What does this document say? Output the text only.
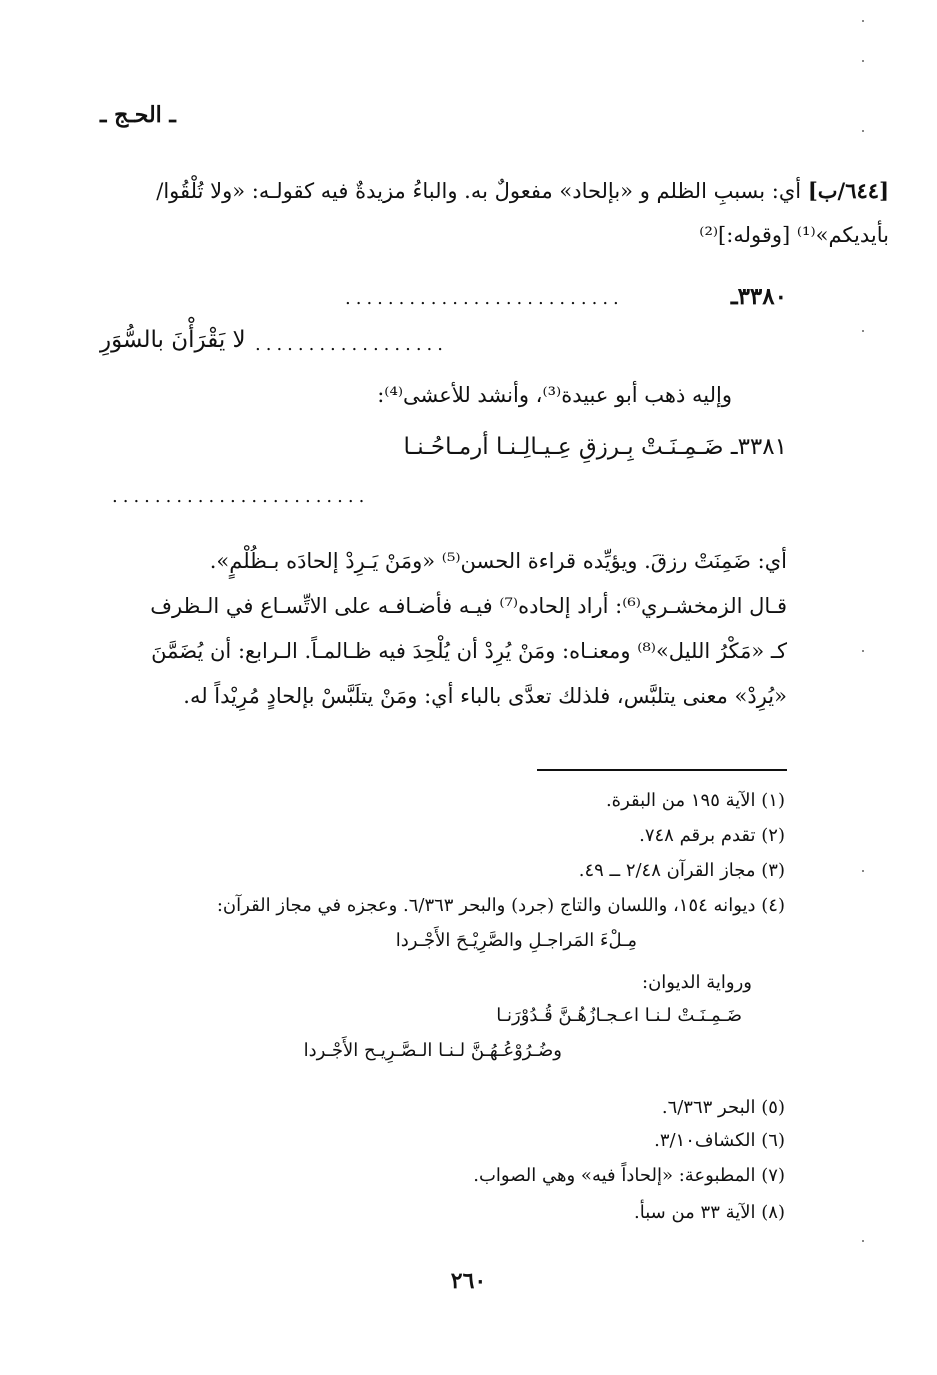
ـ الحـج ـ
[٦٤٤/ب] أي: بسببِ الظلم و «بإلحاد» مفعولٌ به. والباءُ مزيدةٌ فيه كقولـه: «ولا تُلْقُوا/
بأيديكم»⁽¹⁾ [وقوله:]⁽²⁾
٣٣٨٠ـ
..........................
لا يَقْرَأْنَ بالسُّوَرِ ..................
وإليه ذهب أبو عبيدة⁽³⁾، وأنشد للأعشى⁽⁴⁾:
٣٣٨١ـ ضَـمِـنَـتْ بِـرزقِ عِـيـالِـنـا أرمـاحُـنـا
........................
أي: ضَمِنَتْ رزقَ. ويؤيِّده قراءة الحسن⁽⁵⁾ «ومَنْ يَـرِدْ إلحادَه بـظُلْمٍ».
قـال الزمخشـري⁽⁶⁾: أراد إلحاده⁽⁷⁾ فيـه فأضـافـه على الاتِّسـاع في الـظرف
كـ «مَكْرُ الليل»⁽⁸⁾ ومعنـاه: ومَنْ يُرِدْ أن يُلْحِدَ فيه ظـالمـاً. الـرابع: أن يُضَمَّنَ
«يُرِدْ» معنى يتلبَّس، فلذلك تعدَّى بالباء أي: ومَنْ يتلَبَّسْ بإلحادٍ مُرِيْداً له.
(١) الآية ١٩٥ من البقرة.
(٢) تقدم برقم ٧٤٨.
(٣) مجاز القرآن ٢/٤٨ ــ ٤٩.
(٤) ديوانه ١٥٤، واللسان والتاج (جرد) والبحر ٦/٣٦٣. وعجزه في مجاز القرآن:
مِـلْءَ المَراجـلِ والصَّرِيْـحَ الأَجْـردا
ورواية الديوان:
ضَـمِـنَـتْ لـنـا اعـجـازُهُـنَّ قُـدُوْرَنـا
وضُـرُوْعُـهُـنَّ لـنـا الـصَّـرِيـح الأَجْـردا
(٥) البحر ٦/٣٦٣.
(٦) الكشاف٣/١٠.
(٧) المطبوعة: «إلحاداً فيه» وهي الصواب.
(٨) الآية ٣٣ من سبأ.
٢٦٠
